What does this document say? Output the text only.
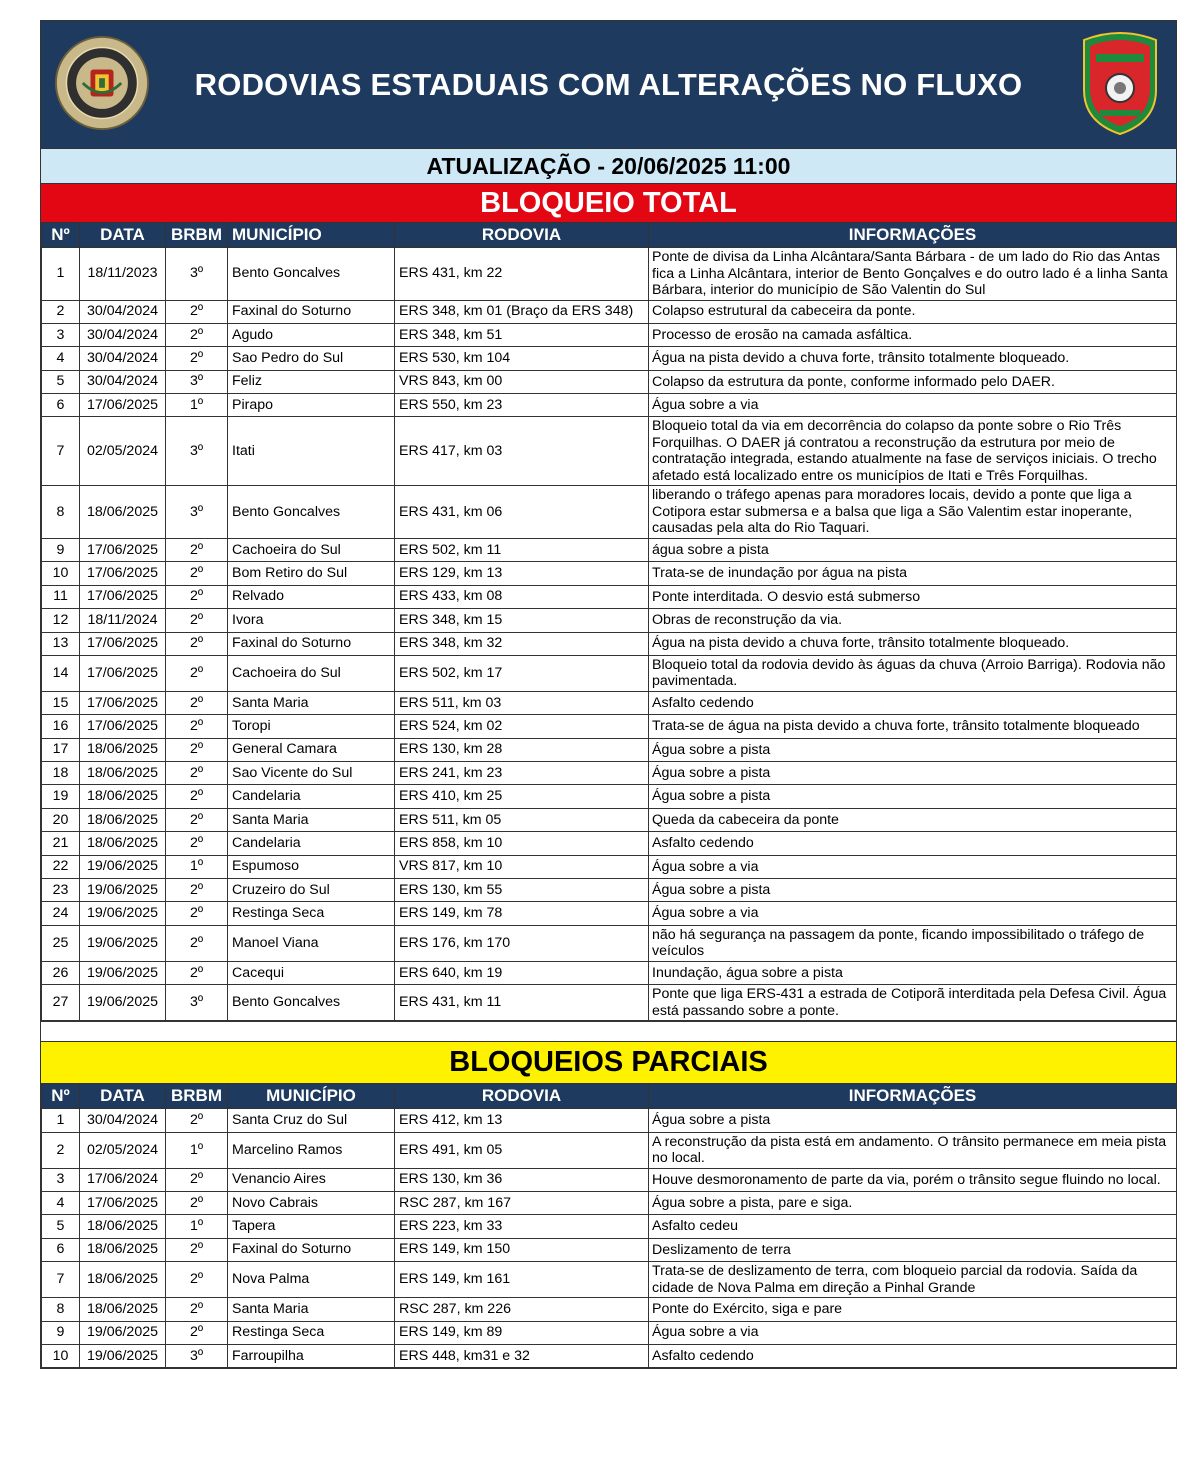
RODOVIAS ESTADUAIS COM ALTERAÇÕES NO FLUXO
ATUALIZAÇÃO - 20/06/2025 11:00
BLOQUEIO TOTAL
Nº	DATA	BRBM	MUNICÍPIO	RODOVIA	INFORMAÇÕES
1	18/11/2023	3º	Bento Goncalves	ERS 431, km 22	Ponte de divisa da Linha Alcântara/Santa Bárbara - de um lado do Rio das Antas fica a Linha Alcântara, interior de Bento Gonçalves e do outro lado é a linha Santa Bárbara, interior do município de São Valentin do Sul
2	30/04/2024	2º	Faxinal do Soturno	ERS 348, km 01 (Braço da ERS 348)	Colapso estrutural da cabeceira da ponte.
3	30/04/2024	2º	Agudo	ERS 348, km 51	Processo de erosão na camada asfáltica.
4	30/04/2024	2º	Sao Pedro do Sul	ERS 530, km 104	Água na pista devido a chuva forte, trânsito totalmente bloqueado.
5	30/04/2024	3º	Feliz	VRS 843, km 00	Colapso da estrutura da ponte, conforme informado pelo DAER.
6	17/06/2025	1º	Pirapo	ERS 550, km 23	Água sobre a via
7	02/05/2024	3º	Itati	ERS 417, km 03	Bloqueio total da via em decorrência do colapso da ponte sobre o Rio Três Forquilhas. O DAER já contratou a reconstrução da estrutura por meio de contratação integrada, estando atualmente na fase de serviços iniciais. O trecho afetado está localizado entre os municípios de Itati e Três Forquilhas.
8	18/06/2025	3º	Bento Goncalves	ERS 431, km 06	liberando o tráfego apenas para moradores locais, devido a ponte que liga a Cotipora estar submersa e a balsa que liga a São Valentim estar inoperante, causadas pela alta do Rio Taquari.
9	17/06/2025	2º	Cachoeira do Sul	ERS 502, km 11	água sobre a pista
10	17/06/2025	2º	Bom Retiro do Sul	ERS 129, km 13	Trata-se de inundação por água na pista
11	17/06/2025	2º	Relvado	ERS 433, km 08	Ponte interditada. O desvio está submerso
12	18/11/2024	2º	Ivora	ERS 348, km 15	Obras de reconstrução da via.
13	17/06/2025	2º	Faxinal do Soturno	ERS 348, km 32	Água na pista devido a chuva forte, trânsito totalmente bloqueado.
14	17/06/2025	2º	Cachoeira do Sul	ERS 502, km 17	Bloqueio total da rodovia devido às águas da chuva (Arroio Barriga). Rodovia não pavimentada.
15	17/06/2025	2º	Santa Maria	ERS 511, km 03	Asfalto cedendo
16	17/06/2025	2º	Toropi	ERS 524, km 02	Trata-se de água na pista devido a chuva forte, trânsito totalmente bloqueado
17	18/06/2025	2º	General Camara	ERS 130, km 28	Água sobre a pista
18	18/06/2025	2º	Sao Vicente do Sul	ERS 241, km 23	Água sobre a pista
19	18/06/2025	2º	Candelaria	ERS 410, km 25	Água sobre a pista
20	18/06/2025	2º	Santa Maria	ERS 511, km 05	Queda da cabeceira da ponte
21	18/06/2025	2º	Candelaria	ERS 858, km 10	Asfalto cedendo
22	19/06/2025	1º	Espumoso	VRS 817, km 10	Água sobre a via
23	19/06/2025	2º	Cruzeiro do Sul	ERS 130, km 55	Água sobre a pista
24	19/06/2025	2º	Restinga Seca	ERS 149, km 78	Água sobre a via
25	19/06/2025	2º	Manoel Viana	ERS 176, km 170	não há segurança na passagem da ponte, ficando impossibilitado o tráfego de veículos
26	19/06/2025	2º	Cacequi	ERS 640, km 19	Inundação, água sobre a pista
27	19/06/2025	3º	Bento Goncalves	ERS 431, km 11	Ponte que liga ERS-431 a estrada de Cotiporã interditada pela Defesa Civil. Água está passando sobre a ponte.
BLOQUEIOS PARCIAIS
Nº	DATA	BRBM	MUNICÍPIO	RODOVIA	INFORMAÇÕES
1	30/04/2024	2º	Santa Cruz do Sul	ERS 412, km 13	Água sobre a pista
2	02/05/2024	1º	Marcelino Ramos	ERS 491, km 05	A reconstrução da pista está em andamento. O trânsito permanece em meia pista no local.
3	17/06/2024	2º	Venancio Aires	ERS 130, km 36	Houve desmoronamento de parte da via, porém o trânsito segue fluindo no local.
4	17/06/2025	2º	Novo Cabrais	RSC 287, km 167	Água sobre a pista, pare e siga.
5	18/06/2025	1º	Tapera	ERS 223, km 33	Asfalto cedeu
6	18/06/2025	2º	Faxinal do Soturno	ERS 149, km 150	Deslizamento de terra
7	18/06/2025	2º	Nova Palma	ERS 149, km 161	Trata-se de deslizamento de terra, com bloqueio parcial da rodovia. Saída da cidade de Nova Palma em direção a Pinhal Grande
8	18/06/2025	2º	Santa Maria	RSC 287, km 226	Ponte do Exército, siga e pare
9	19/06/2025	2º	Restinga Seca	ERS 149, km 89	Água sobre a via
10	19/06/2025	3º	Farroupilha	ERS 448, km31 e 32	Asfalto cedendo
